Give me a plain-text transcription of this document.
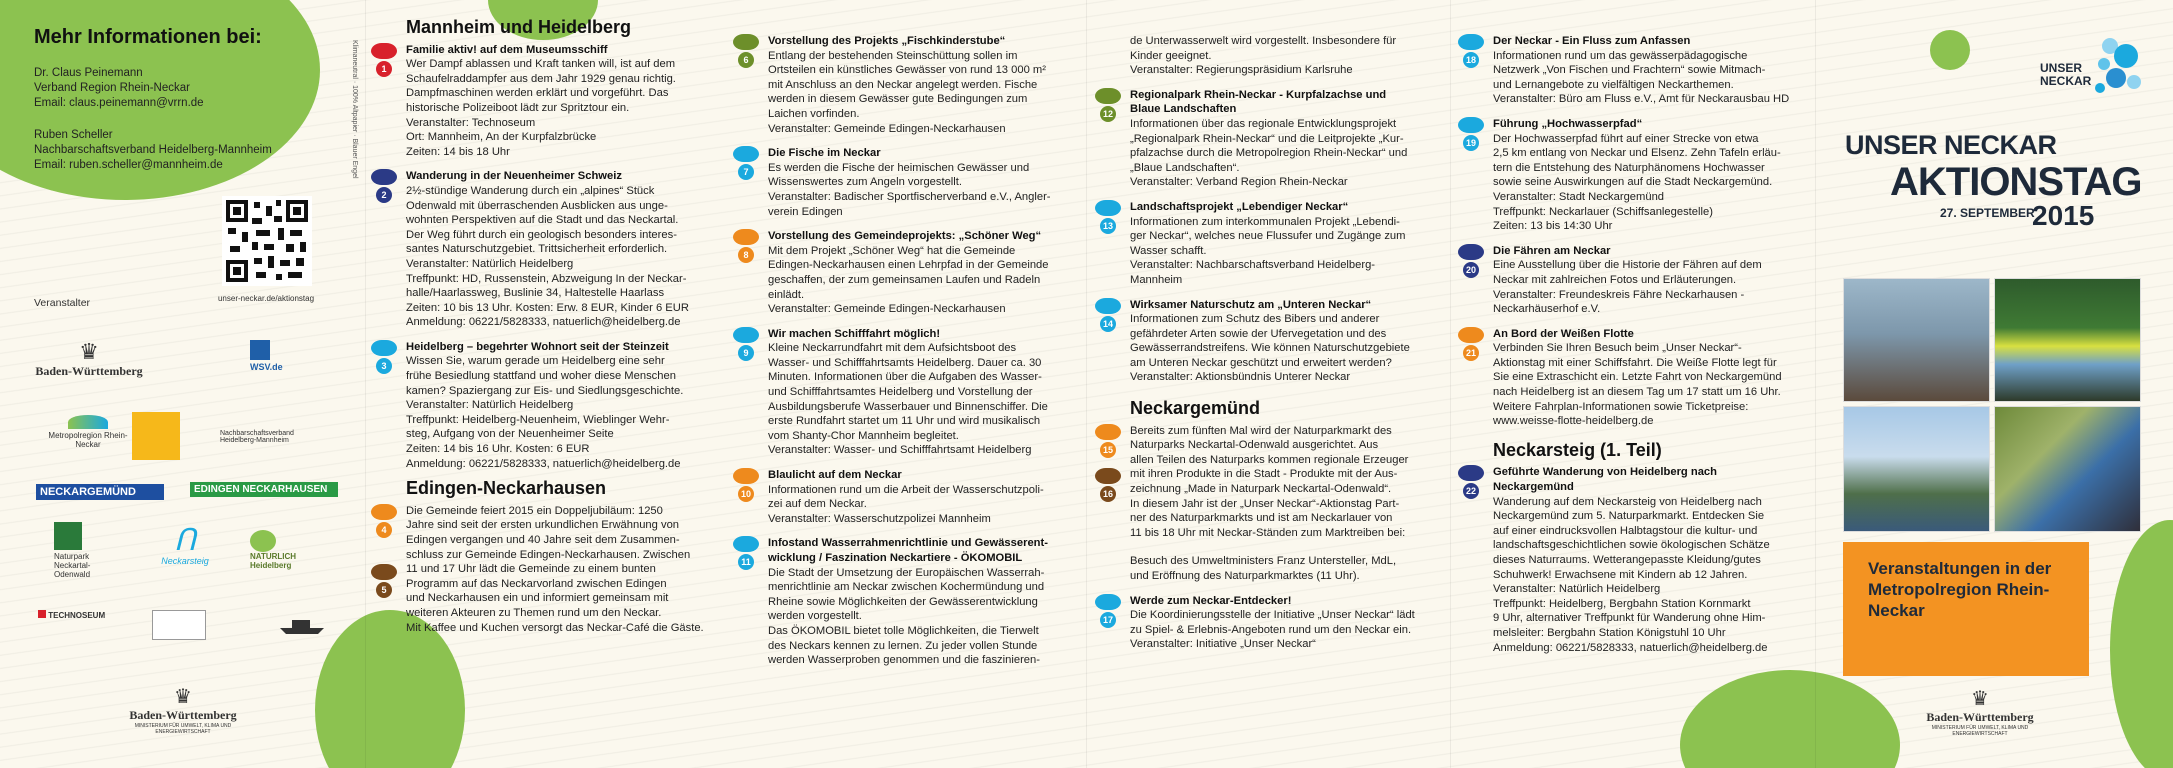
Mehr Informationen bei:
Dr. Claus Peinemann
Verband Region Rhein-Neckar
Email: claus.peinemann@vrrn.de
Ruben Scheller
Nachbarschaftsverband Heidelberg-Mannheim
Email: ruben.scheller@mannheim.de	Klimaneutral · 100% Altpapier · Blauer Engel
unser-neckar.de/aktionstag
Veranstalter
♛
Baden-Württemberg	WSV.de
Metropolregion Rhein-Neckar
Nachbarschaftsverband Heidelberg-Mannheim
NECKARGEMÜND	EDINGEN NECKARHAUSEN
Naturpark Neckartal-Odenwald
ᑎ
Neckarsteig	NATURLICH Heidelberg
TECHNOSEUM
♛
Baden-Württemberg
MINISTERIUM FÜR UMWELT, KLIMA UND ENERGIEWIRTSCHAFT
Mannheim und Heidelberg
1
Familie aktiv! auf dem Museumsschiff
Wer Dampf ablassen und Kraft tanken will, ist auf dem
Schaufelraddampfer aus dem Jahr 1929 genau richtig.
Dampfmaschinen werden erklärt und vorgeführt. Das
historische Polizeiboot lädt zur Spritztour ein.
Veranstalter: Technoseum
Ort: Mannheim, An der Kurpfalzbrücke
Zeiten: 14 bis 18 Uhr
2
Wanderung in der Neuenheimer Schweiz
2½-stündige Wanderung durch ein „alpines“ Stück
Odenwald mit überraschenden Ausblicken aus unge-
wohnten Perspektiven auf die Stadt und das Neckartal.
Der Weg führt durch ein geologisch besonders interes-
santes Naturschutzgebiet. Trittsicherheit erforderlich.
Veranstalter: Natürlich Heidelberg
Treffpunkt: HD, Russenstein, Abzweigung In der Neckar-
halle/Haarlassweg, Buslinie 34, Haltestelle Haarlass
Zeiten: 10 bis 13 Uhr. Kosten: Erw. 8 EUR, Kinder 6 EUR
Anmeldung: 06221/5828333, natuerlich@heidelberg.de
3
Heidelberg – begehrter Wohnort seit der Steinzeit
Wissen Sie, warum gerade um Heidelberg eine sehr
frühe Besiedlung stattfand und woher diese Menschen
kamen? Spaziergang zur Eis- und Siedlungsgeschichte.
Veranstalter: Natürlich Heidelberg
Treffpunkt: Heidelberg-Neuenheim, Wieblinger Wehr-
steg, Aufgang von der Neuenheimer Seite
Zeiten: 14 bis 16 Uhr. Kosten: 6 EUR
Anmeldung: 06221/5828333, natuerlich@heidelberg.de
Edingen-Neckarhausen
4
Die Gemeinde feiert 2015 ein Doppeljubiläum: 1250
Jahre sind seit der ersten urkundlichen Erwähnung von
Edingen vergangen und 40 Jahre seit dem Zusammen-
schluss zur Gemeinde Edingen-Neckarhausen. Zwischen
11 und 17 Uhr lädt die Gemeinde zu einem bunten
Programm auf das Neckarvorland zwischen Edingen
und Neckarhausen ein und informiert gemeinsam mit
weiteren Akteuren zu Themen rund um den Neckar.
Mit Kaffee und Kuchen versorgt das Neckar-Café die Gäste.
5
6
Vorstellung des Projekts „Fischkinderstube“
Entlang der bestehenden Steinschüttung sollen im
Ortsteilen ein künstliches Gewässer von rund 13 000 m²
mit Anschluss an den Neckar angelegt werden. Fische
werden in diesem Gewässer gute Bedingungen zum
Laichen vorfinden.
Veranstalter: Gemeinde Edingen-Neckarhausen
7
Die Fische im Neckar
Es werden die Fische der heimischen Gewässer und
Wissenswertes zum Angeln vorgestellt.
Veranstalter: Badischer Sportfischerverband e.V., Angler-
verein Edingen
8
Vorstellung des Gemeindeprojekts: „Schöner Weg“
Mit dem Projekt „Schöner Weg“ hat die Gemeinde
Edingen-Neckarhausen einen Lehrpfad in der Gemeinde
geschaffen, der zum gemeinsamen Laufen und Radeln
einlädt.
Veranstalter: Gemeinde Edingen-Neckarhausen
9
Wir machen Schifffahrt möglich!
Kleine Neckarrundfahrt mit dem Aufsichtsboot des
Wasser- und Schifffahrtsamts Heidelberg. Dauer ca. 30
Minuten. Informationen über die Aufgaben des Wasser-
und Schifffahrtsamtes Heidelberg und Vorstellung der
Ausbildungsberufe Wasserbauer und Binnenschiffer. Die
erste Rundfahrt startet um 11 Uhr und wird musikalisch
vom Shanty-Chor Mannheim begleitet.
Veranstalter: Wasser- und Schifffahrtsamt Heidelberg
10
Blaulicht auf dem Neckar
Informationen rund um die Arbeit der Wasserschutzpoli-
zei auf dem Neckar.
Veranstalter: Wasserschutzpolizei Mannheim
11
Infostand Wasserrahmenrichtlinie und Gewässerent-
wicklung / Faszination Neckartiere - ÖKOMOBIL
Die Stadt der Umsetzung der Europäischen Wasserrah-
menrichtlinie am Neckar zwischen Kochermündung und
Rheine sowie Möglichkeiten der Gewässerentwicklung
werden vorgestellt.
Das ÖKOMOBIL bietet tolle Möglichkeiten, die Tierwelt
des Neckars kennen zu lernen. Zu jeder vollen Stunde
werden Wasserproben genommen und die faszinieren-
de Unterwasserwelt wird vorgestellt. Insbesondere für
Kinder geeignet.
Veranstalter: Regierungspräsidium Karlsruhe
12
Regionalpark Rhein-Neckar - Kurpfalzachse und
Blaue Landschaften
Informationen über das regionale Entwicklungsprojekt
„Regionalpark Rhein-Neckar“ und die Leitprojekte „Kur-
pfalzachse durch die Metropolregion Rhein-Neckar“ und
„Blaue Landschaften“.
Veranstalter: Verband Region Rhein-Neckar
13
Landschaftsprojekt „Lebendiger Neckar“
Informationen zum interkommunalen Projekt „Lebendi-
ger Neckar“, welches neue Flussufer und Zugänge zum
Wasser schafft.
Veranstalter: Nachbarschaftsverband Heidelberg-
Mannheim
14
Wirksamer Naturschutz am „Unteren Neckar“
Informationen zum Schutz des Bibers und anderer
gefährdeter Arten sowie der Ufervegetation und des
Gewässerrandstreifens. Wie können Naturschutzgebiete
am Unteren Neckar geschützt und erweitert werden?
Veranstalter: Aktionsbündnis Unterer Neckar
Neckargemünd
15
Bereits zum fünften Mal wird der Naturparkmarkt des
Naturparks Neckartal-Odenwald ausgerichtet. Aus
allen Teilen des Naturparks kommen regionale Erzeuger
mit ihren Produkte in die Stadt - Produkte mit der Aus-
zeichnung „Made in Naturpark Neckartal-Odenwald“.
In diesem Jahr ist der „Unser Neckar“-Aktionstag Part-
ner des Naturparkmarkts und ist am Neckarlauer von
11 bis 18 Uhr mit Neckar-Ständen zum Marktreiben bei:
Besuch des Umweltministers Franz Untersteller, MdL,
und Eröffnung des Naturparkmarktes (11 Uhr).
16
17
Werde zum Neckar-Entdecker!
Die Koordinierungsstelle der Initiative „Unser Neckar“ lädt
zu Spiel- & Erlebnis-Angeboten rund um den Neckar ein.
Veranstalter: Initiative „Unser Neckar“
18
Der Neckar - Ein Fluss zum Anfassen
Informationen rund um das gewässerpädagogische
Netzwerk „Von Fischen und Frachtern“ sowie Mitmach-
und Lernangebote zu vielfältigen Neckarthemen.
Veranstalter: Büro am Fluss e.V., Amt für Neckarausbau HD
19
Führung „Hochwasserpfad“
Der Hochwasserpfad führt auf einer Strecke von etwa
2,5 km entlang von Neckar und Elsenz. Zehn Tafeln erläu-
tern die Entstehung des Naturphänomens Hochwasser
sowie seine Auswirkungen auf die Stadt Neckargemünd.
Veranstalter: Stadt Neckargemünd
Treffpunkt: Neckarlauer (Schiffsanlegestelle)
Zeiten: 13 bis 14:30 Uhr
20
Die Fähren am Neckar
Eine Ausstellung über die Historie der Fähren auf dem
Neckar mit zahlreichen Fotos und Erläuterungen.
Veranstalter: Freundeskreis Fähre Neckarhausen -
Neckarhäuserhof e.V.
21
An Bord der Weißen Flotte
Verbinden Sie Ihren Besuch beim „Unser Neckar“-
Aktionstag mit einer Schiffsfahrt. Die Weiße Flotte legt für
Sie eine Extraschicht ein. Letzte Fahrt von Neckargemünd
nach Heidelberg ist an diesem Tag um 17 statt um 16 Uhr.
Weitere Fahrplan-Informationen sowie Ticketpreise:
www.weisse-flotte-heidelberg.de
Neckarsteig (1. Teil)
22
Geführte Wanderung von Heidelberg nach
Neckargemünd
Wanderung auf dem Neckarsteig von Heidelberg nach
Neckargemünd zum 5. Naturparkmarkt. Entdecken Sie
auf einer eindrucksvollen Halbtagstour die kultur- und
landschaftsgeschichtlichen sowie ökologischen Schätze
dieses Naturraums. Wetterangepasste Kleidung/gutes
Schuhwerk! Erwachsene mit Kindern ab 12 Jahren.
Veranstalter: Natürlich Heidelberg
Treffpunkt: Heidelberg, Bergbahn Station Kornmarkt
9 Uhr, alternativer Treffpunkt für Wanderung ohne Him-
melsleiter: Bergbahn Station Königstuhl 10 Uhr
Anmeldung: 06221/5828333, natuerlich@heidelberg.de
UNSER
NECKAR
UNSER NECKAR
AKTIONSTAG
27. SEPTEMBER
2015
Veranstaltungen in der Metropolregion Rhein-Neckar
♛
Baden-Württemberg
MINISTERIUM FÜR UMWELT, KLIMA UND ENERGIEWIRTSCHAFT
